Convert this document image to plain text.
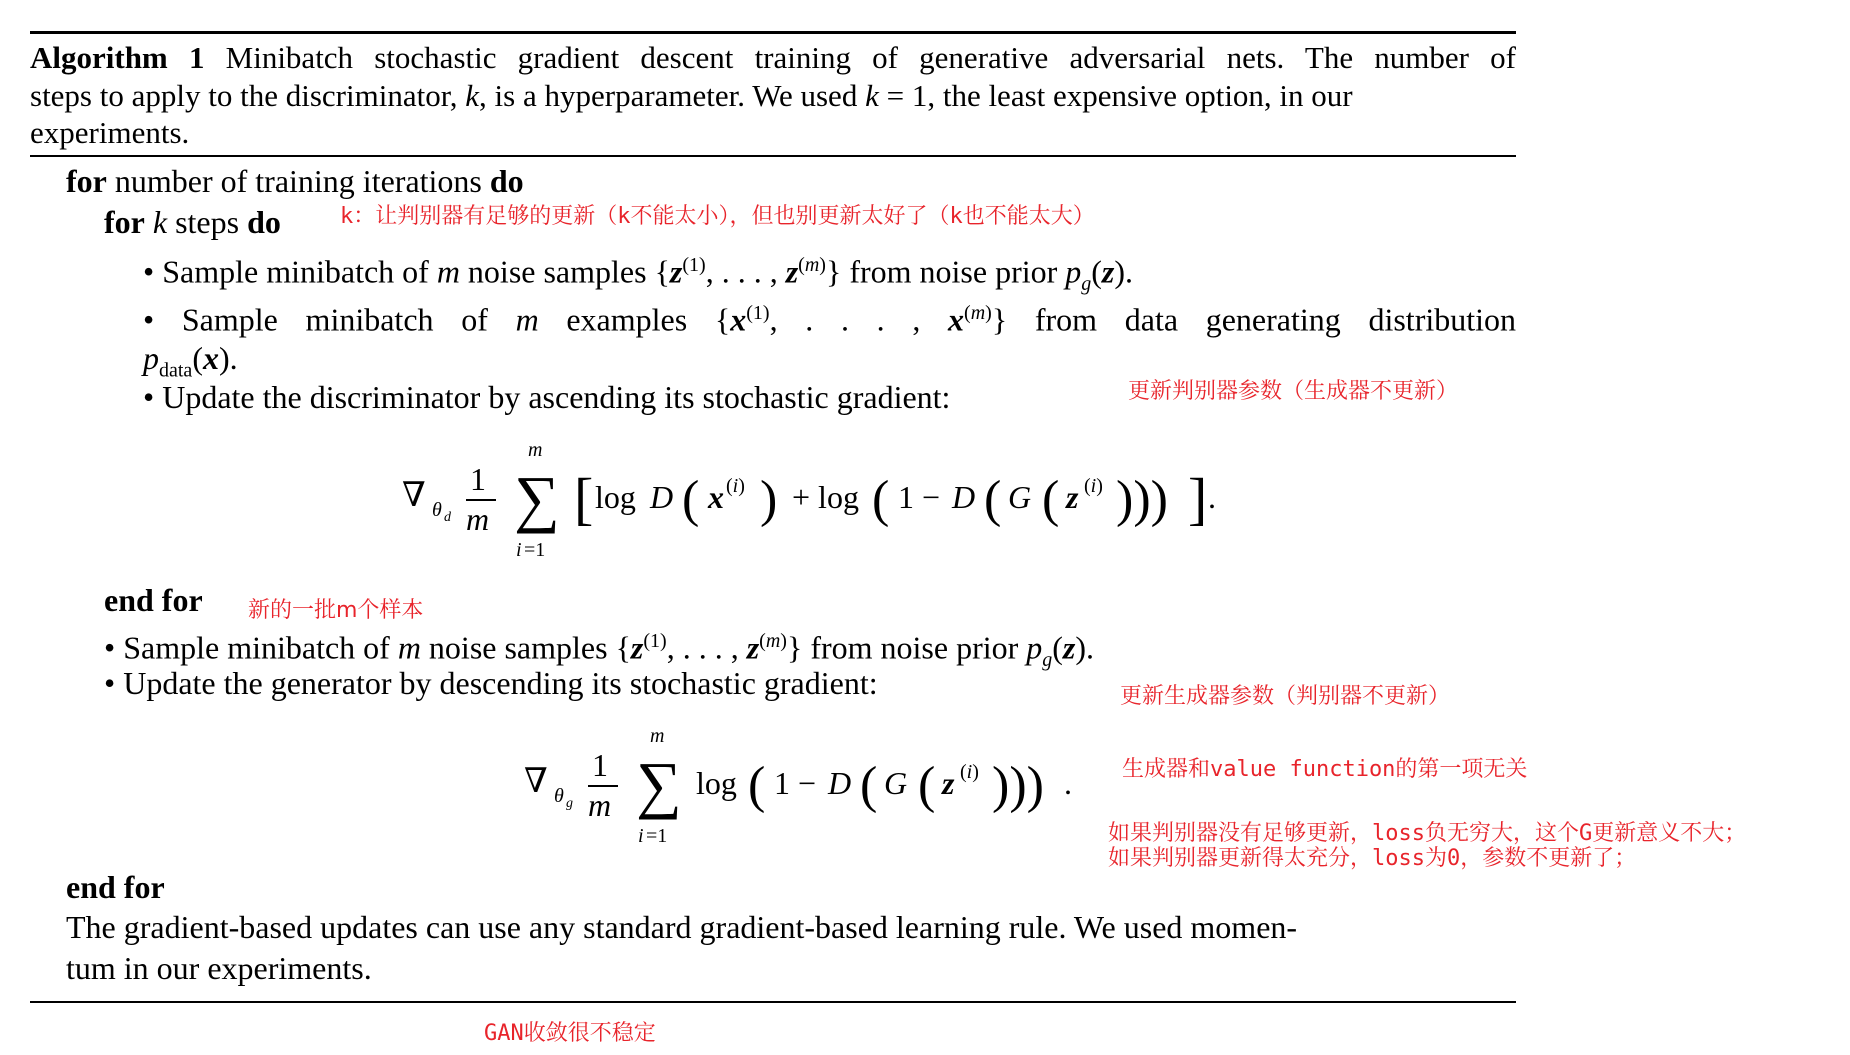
Algorithm 1 Minibatch stochastic gradient descent training of generative adversarial nets. The number of
steps to apply to the discriminator, k, is a hyperparameter. We used k = 1, the least expensive option, in our
experiments.
for number of training iterations do
for k steps do	k：让判别器有足够的更新（k不能太小），但也别更新太好了（k也不能太大）
• Sample minibatch of m noise samples {$z^{(1)}$, . . . , $z^{(m)}$} from noise prior $p_g(z)$.
• Sample minibatch of m examples {$x^{(1)}$, . . . , $x^{(m)}$} from data generating distribution
$p_{data}(x)$.
• Update the discriminator by ascending its stochastic gradient:	更新判别器参数（生成器不更新）
∇ θ d
1
m
m
∑
i =1
[ log D ( x (i) ) + log ( 1 − D ( G ( z (i) ))) ] .
end for 新的一批m个样本
• Sample minibatch of m noise samples {$z^{(1)}$, . . . , $z^{(m)}$} from noise prior $p_g(z)$.
• Update the generator by descending its stochastic gradient:	更新生成器参数（判别器不更新）
∇ θ g
1
m
m
∑
i =1
log ( 1 − D ( G ( z (i) ))) . 生成器和value function的第一项无关
如果判别器没有足够更新，loss负无穷大，这个G更新意义不大；
如果判别器更新得太充分，loss为0，参数不更新了；
end for
The gradient-based updates can use any standard gradient-based learning rule. We used momen-
tum in our experiments.
GAN收敛很不稳定
